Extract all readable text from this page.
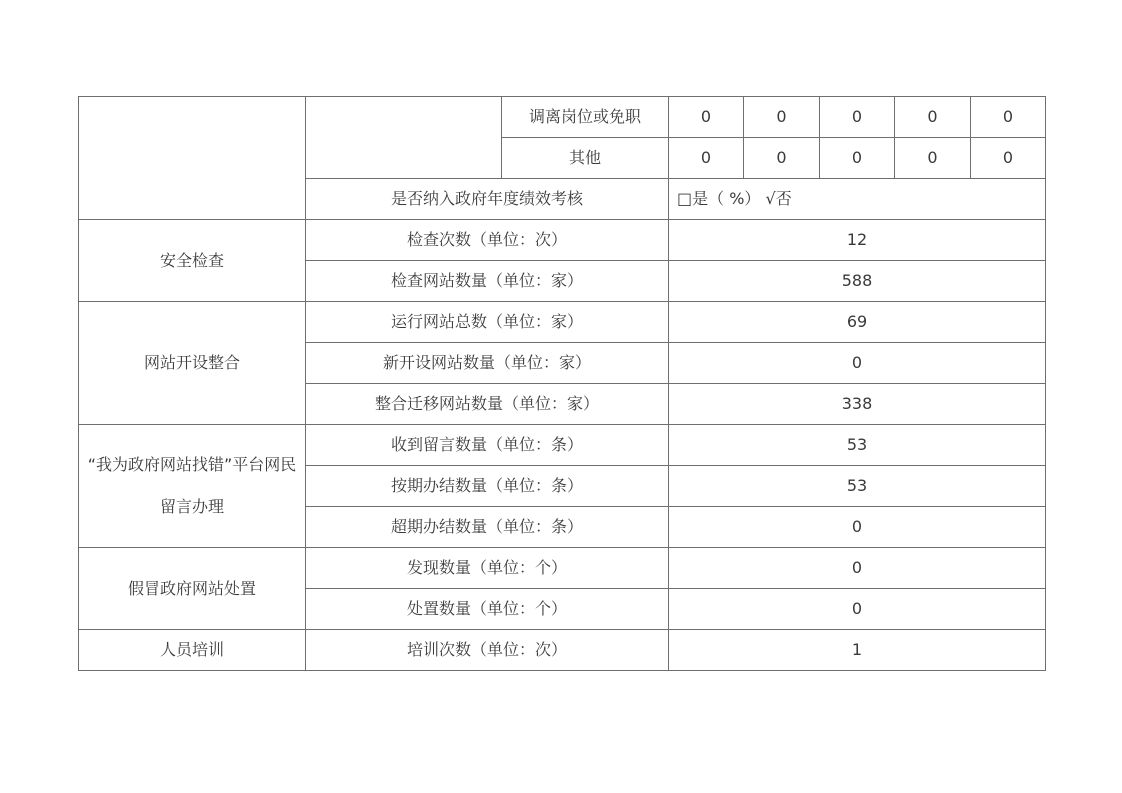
		调离岗位或免职	0	0	0	0	0
		其他	0	0	0	0	0
	是否纳入政府年度绩效考核		□是（ %） √否				
安全检查	检查次数（单位：次）		12				
	检查网站数量（单位：家）		588				
网站开设整合	运行网站总数（单位：家）		69				
	新开设网站数量（单位：家）		0				
	整合迁移网站数量（单位：家）		338				
“我为政府网站找错”平台网民留言办理	收到留言数量（单位：条）		53				
	按期办结数量（单位：条）		53				
	超期办结数量（单位：条）		0				
假冒政府网站处置	发现数量（单位：个）		0				
	处置数量（单位：个）		0				
人员培训	培训次数（单位：次）		1				
